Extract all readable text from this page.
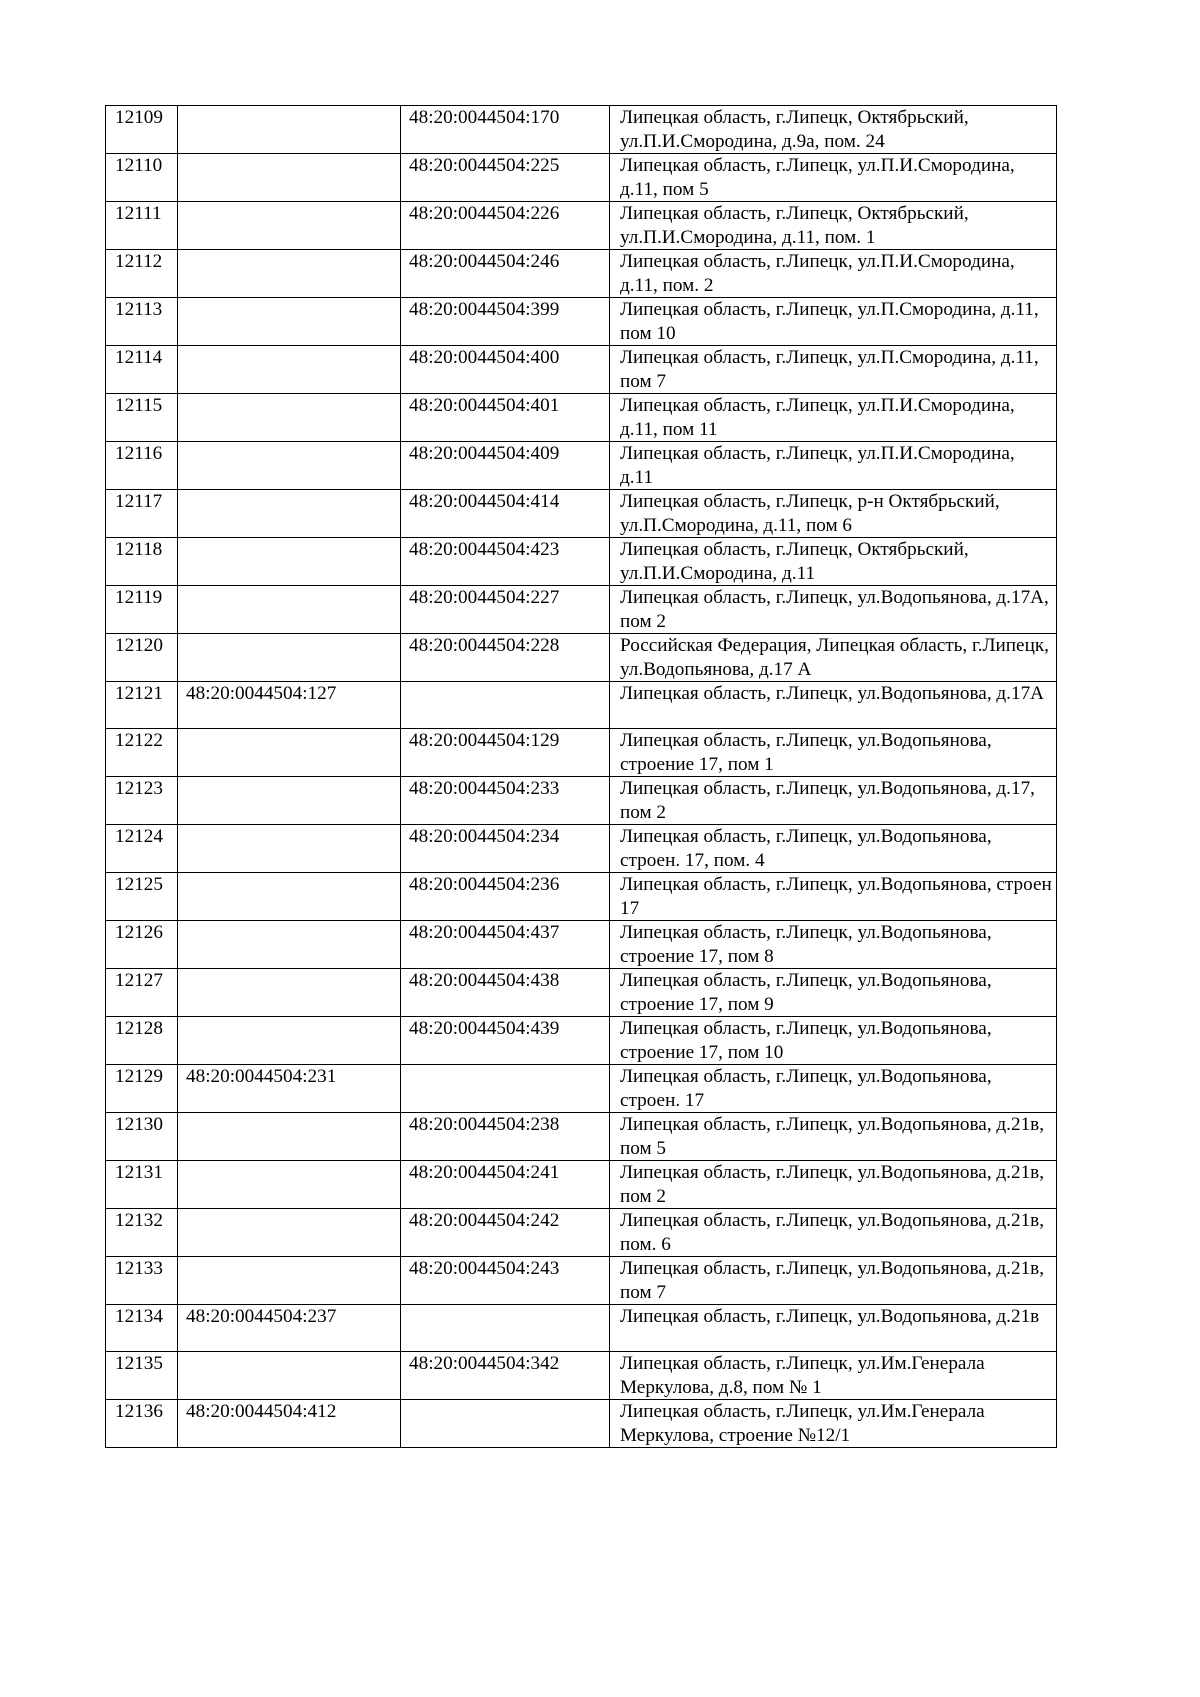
12109		48:20:0044504:170	Липецкая область, г.Липецк, Октябрьский, ул.П.И.Смородина, д.9а, пом. 24
12110		48:20:0044504:225	Липецкая область, г.Липецк, ул.П.И.Смородина, д.11, пом 5
12111		48:20:0044504:226	Липецкая область, г.Липецк, Октябрьский, ул.П.И.Смородина, д.11, пом. 1
12112		48:20:0044504:246	Липецкая область, г.Липецк, ул.П.И.Смородина, д.11, пом. 2
12113		48:20:0044504:399	Липецкая область, г.Липецк, ул.П.Смородина, д.11, пом 10
12114		48:20:0044504:400	Липецкая область, г.Липецк, ул.П.Смородина, д.11, пом 7
12115		48:20:0044504:401	Липецкая область, г.Липецк, ул.П.И.Смородина, д.11, пом 11
12116		48:20:0044504:409	Липецкая область, г.Липецк, ул.П.И.Смородина, д.11
12117		48:20:0044504:414	Липецкая область, г.Липецк, р-н Октябрьский, ул.П.Смородина, д.11, пом 6
12118		48:20:0044504:423	Липецкая область, г.Липецк, Октябрьский, ул.П.И.Смородина, д.11
12119		48:20:0044504:227	Липецкая область, г.Липецк, ул.Водопьянова, д.17А, пом 2
12120		48:20:0044504:228	Российская Федерация, Липецкая область, г.Липецк, ул.Водопьянова, д.17 А
12121	48:20:0044504:127		Липецкая область, г.Липецк, ул.Водопьянова, д.17А
12122		48:20:0044504:129	Липецкая область, г.Липецк, ул.Водопьянова, строение 17, пом 1
12123		48:20:0044504:233	Липецкая область, г.Липецк, ул.Водопьянова, д.17, пом 2
12124		48:20:0044504:234	Липецкая область, г.Липецк, ул.Водопьянова, строен. 17, пом. 4
12125		48:20:0044504:236	Липецкая область, г.Липецк, ул.Водопьянова, строен 17
12126		48:20:0044504:437	Липецкая область, г.Липецк, ул.Водопьянова, строение 17, пом 8
12127		48:20:0044504:438	Липецкая область, г.Липецк, ул.Водопьянова, строение 17, пом 9
12128		48:20:0044504:439	Липецкая область, г.Липецк, ул.Водопьянова, строение 17, пом 10
12129	48:20:0044504:231		Липецкая область, г.Липецк, ул.Водопьянова, строен. 17
12130		48:20:0044504:238	Липецкая область, г.Липецк, ул.Водопьянова, д.21в, пом 5
12131		48:20:0044504:241	Липецкая область, г.Липецк, ул.Водопьянова, д.21в, пом 2
12132		48:20:0044504:242	Липецкая область, г.Липецк, ул.Водопьянова, д.21в, пом. 6
12133		48:20:0044504:243	Липецкая область, г.Липецк, ул.Водопьянова, д.21в, пом 7
12134	48:20:0044504:237		Липецкая область, г.Липецк, ул.Водопьянова, д.21в
12135		48:20:0044504:342	Липецкая область, г.Липецк, ул.Им.Генерала Меркулова, д.8, пом № 1
12136	48:20:0044504:412		Липецкая область, г.Липецк, ул.Им.Генерала Меркулова, строение №12/1
